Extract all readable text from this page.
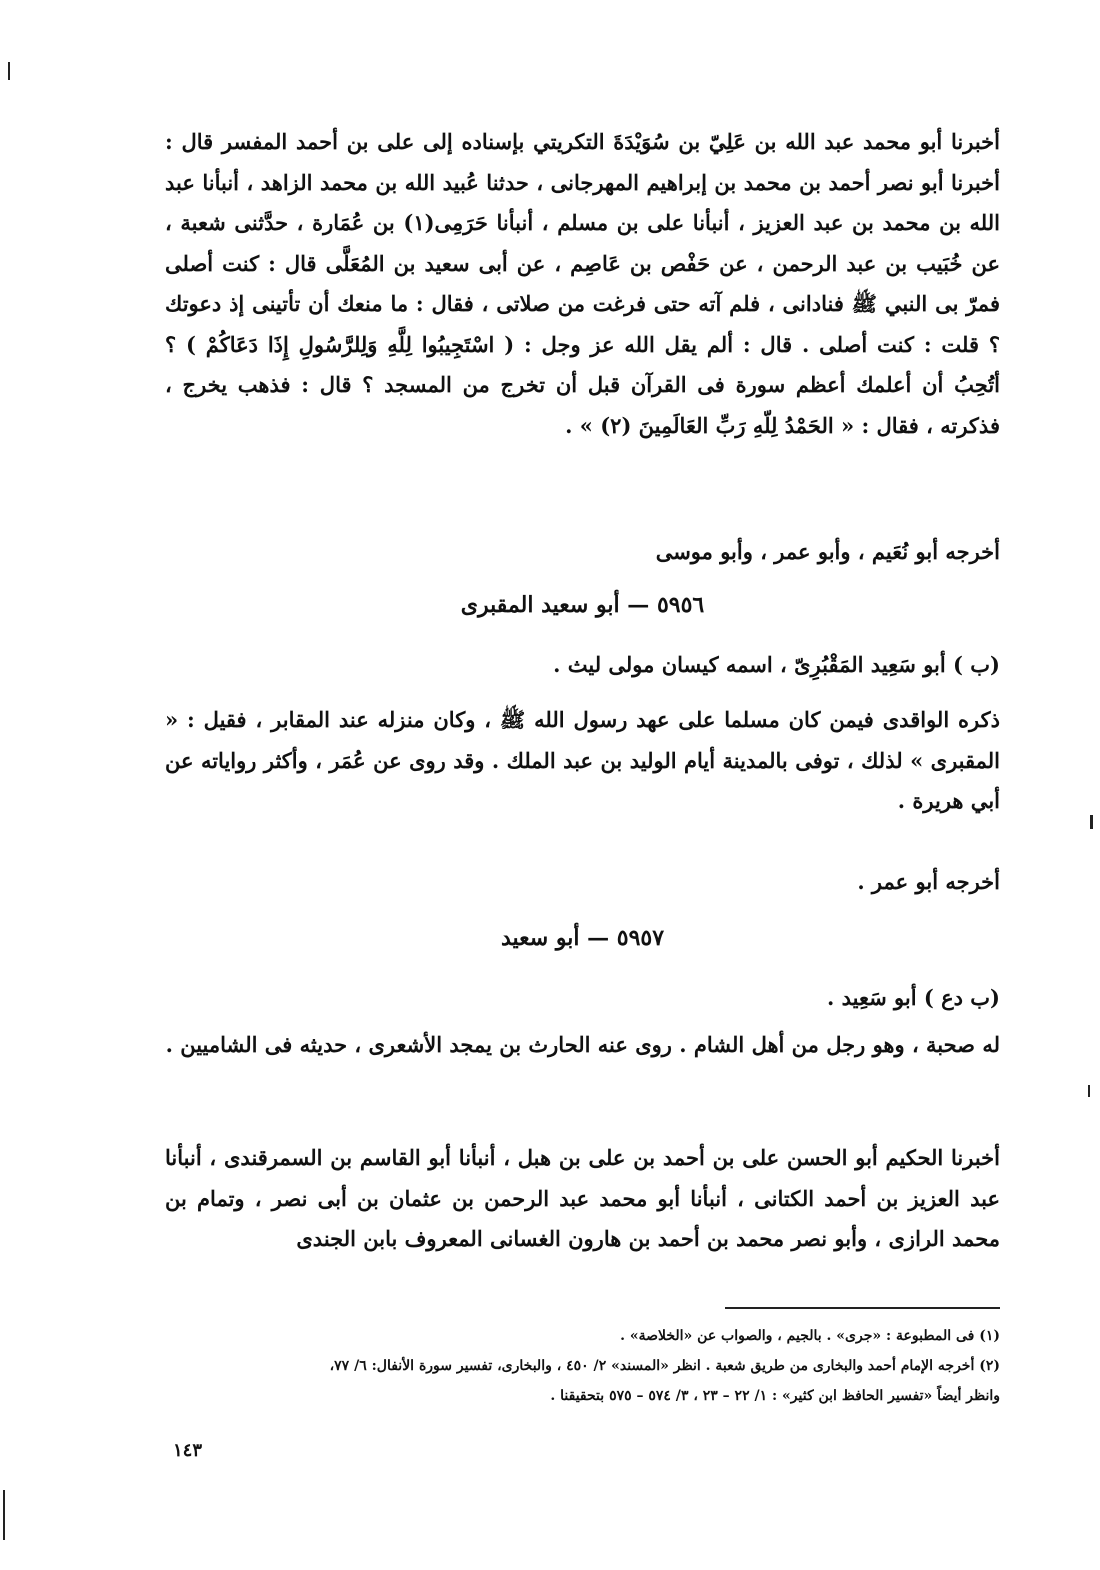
أخبرنا أبو محمد عبد الله بن عَلِيّ بن سُوَيْدَةَ التكريتي بإسناده إلى على بن أحمد المفسر قال : أخبرنا أبو نصر أحمد بن محمد بن إبراهيم المهرجانى ، حدثنا عُبيد الله بن محمد الزاهد ، أنبأنا عبد الله بن محمد بن عبد العزيز ، أنبأنا على بن مسلم ، أنبأنا حَرَمِى(١) بن عُمَارة ، حدَّثنى شعبة ، عن خُبَيب بن عبد الرحمن ، عن حَفْص بن عَاصِم ، عن أبى سعيد بن المُعَلَّى قال : كنت أصلى فمرّ بى النبي ﷺ فنادانى ، فلم آته حتى فرغت من صلاتى ، فقال : ما منعك أن تأتينى إذ دعوتك ؟ قلت : كنت أصلى . قال : ألم يقل الله عز وجل : ( اسْتَجِيبُوا لِلَّهِ وَلِلرَّسُولِ إِذَا دَعَاكُمْ ) ؟ أتُحِبُ أن أعلمك أعظم سورة فى القرآن قبل أن تخرج من المسجد ؟ قال : فذهب يخرج ، فذكرته ، فقال : « الحَمْدُ لِلّهِ رَبِّ العَالَمِينَ (٢) » .
أخرجه أبو نُعَيم ، وأبو عمر ، وأبو موسى
٥٩٥٦ — أبو سعيد المقبرى
(ب ) أبو سَعِيد المَقْبُرِىّ ، اسمه كيسان مولى ليث .
ذكره الواقدى فيمن كان مسلما على عهد رسول الله ﷺ ، وكان منزله عند المقابر ، فقيل : « المقبرى » لذلك ، توفى بالمدينة أيام الوليد بن عبد الملك . وقد روى عن عُمَر ، وأكثر رواياته عن أبي هريرة .
أخرجه أبو عمر .
٥٩٥٧ — أبو سعيد
(ب دع ) أبو سَعِيد .
له صحبة ، وهو رجل من أهل الشام . روى عنه الحارث بن يمجد الأشعرى ، حديثه فى الشاميين .
أخبرنا الحكيم أبو الحسن على بن أحمد بن على بن هبل ، أنبأنا أبو القاسم بن السمرقندى ، أنبأنا عبد العزيز بن أحمد الكتانى ، أنبأنا أبو محمد عبد الرحمن بن عثمان بن أبى نصر ، وتمام بن محمد الرازى ، وأبو نصر محمد بن أحمد بن هارون الغسانى المعروف بابن الجندى
(١) فى المطبوعة : «جرى» . بالجيم ، والصواب عن «الخلاصة» .
(٢) أخرجه الإمام أحمد والبخارى من طريق شعبة . انظر «المسند» ٢/ ٤٥٠ ، والبخارى، تفسير سورة الأنفال: ٦/ ٧٧،
وانظر أيضاً «تفسير الحافظ ابن كثير» : ١/ ٢٢ – ٢٣ ، ٣/ ٥٧٤ – ٥٧٥ بتحقيقنا .
١٤٣
